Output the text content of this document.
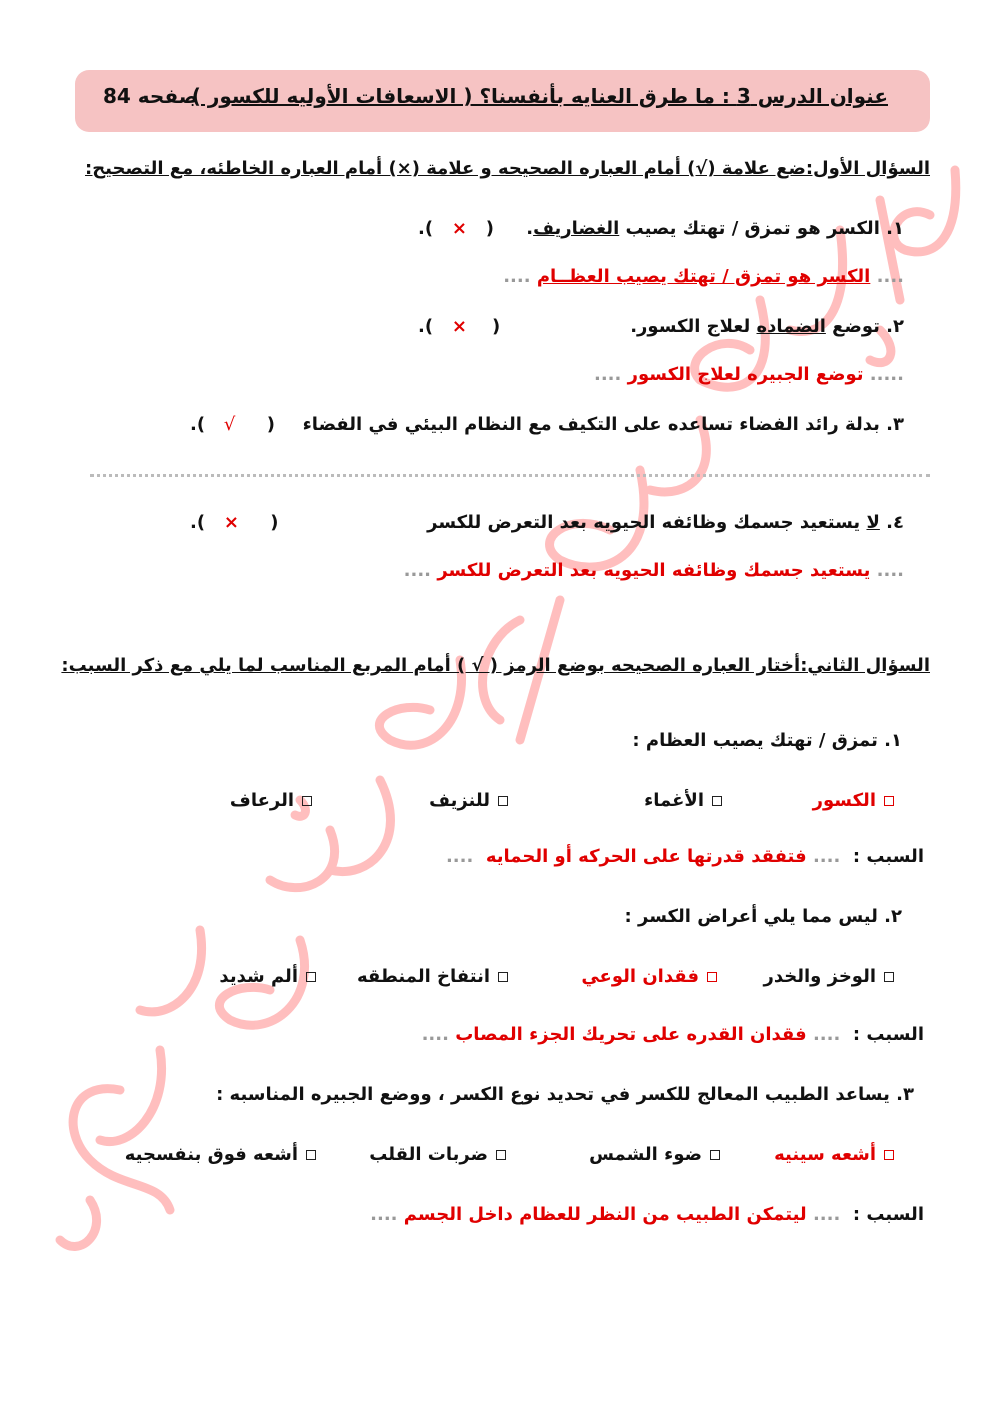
عنوان الدرس 3 : ما طرق العنايه بأنفسنا؟ ( الاسعافات الأوليه للكسور )
صفحه 84
السؤال الأول:ضع علامة (√) أمام العباره الصحيحه و علامة (×) أمام العباره الخاطئه، مع التصحيح:
١. الكسر هو تمزق / تهتك يصيب الغضاريف.
.(   ×   )
.... الكسر هو تمزق / تهتك يصيب العظــام ....
٢. توضع الضماده لعلاج الكسور.
.(   ×    )
..... توضع الجبيره لعلاج الكسور ....
٣. بدلة رائد الفضاء تساعده على التكيف مع النظام البيئي في الفضاء
.(   √     )
٤. لا يستعيد جسمك وظائفه الحيويه بعد التعرض للكسر
.(   ×     )
.... يستعيد جسمك وظائفه الحيويه بعد التعرض للكسر ....
السؤال الثاني:أختار العباره الصحيحه بوضع الرمز ( √ ) أمام المربع المناسب لما يلي مع ذكر السبب:
١. تمزق / تهتك يصيب العظام :
الكسور
الأغماء
للنزيف
الرعاف
السبب :  .... فتفقد قدرتها على الحركه أو الحمايه  ....
٢. ليس مما يلي أعراض الكسر :
الوخز والخدر
فقدان الوعي
انتفاخ المنطقه
ألم شديد
السبب :  .... فقدان القدره على تحريك الجزء المصاب ....
٣. يساعد الطبيب المعالج للكسر في تحديد نوع الكسر ، ووضع الجبيره المناسبه :
أشعه سينيه
ضوء الشمس
ضربات القلب
أشعه فوق بنفسجيه
السبب :  .... ليتمكن الطبيب من النظر للعظام داخل الجسم ....
